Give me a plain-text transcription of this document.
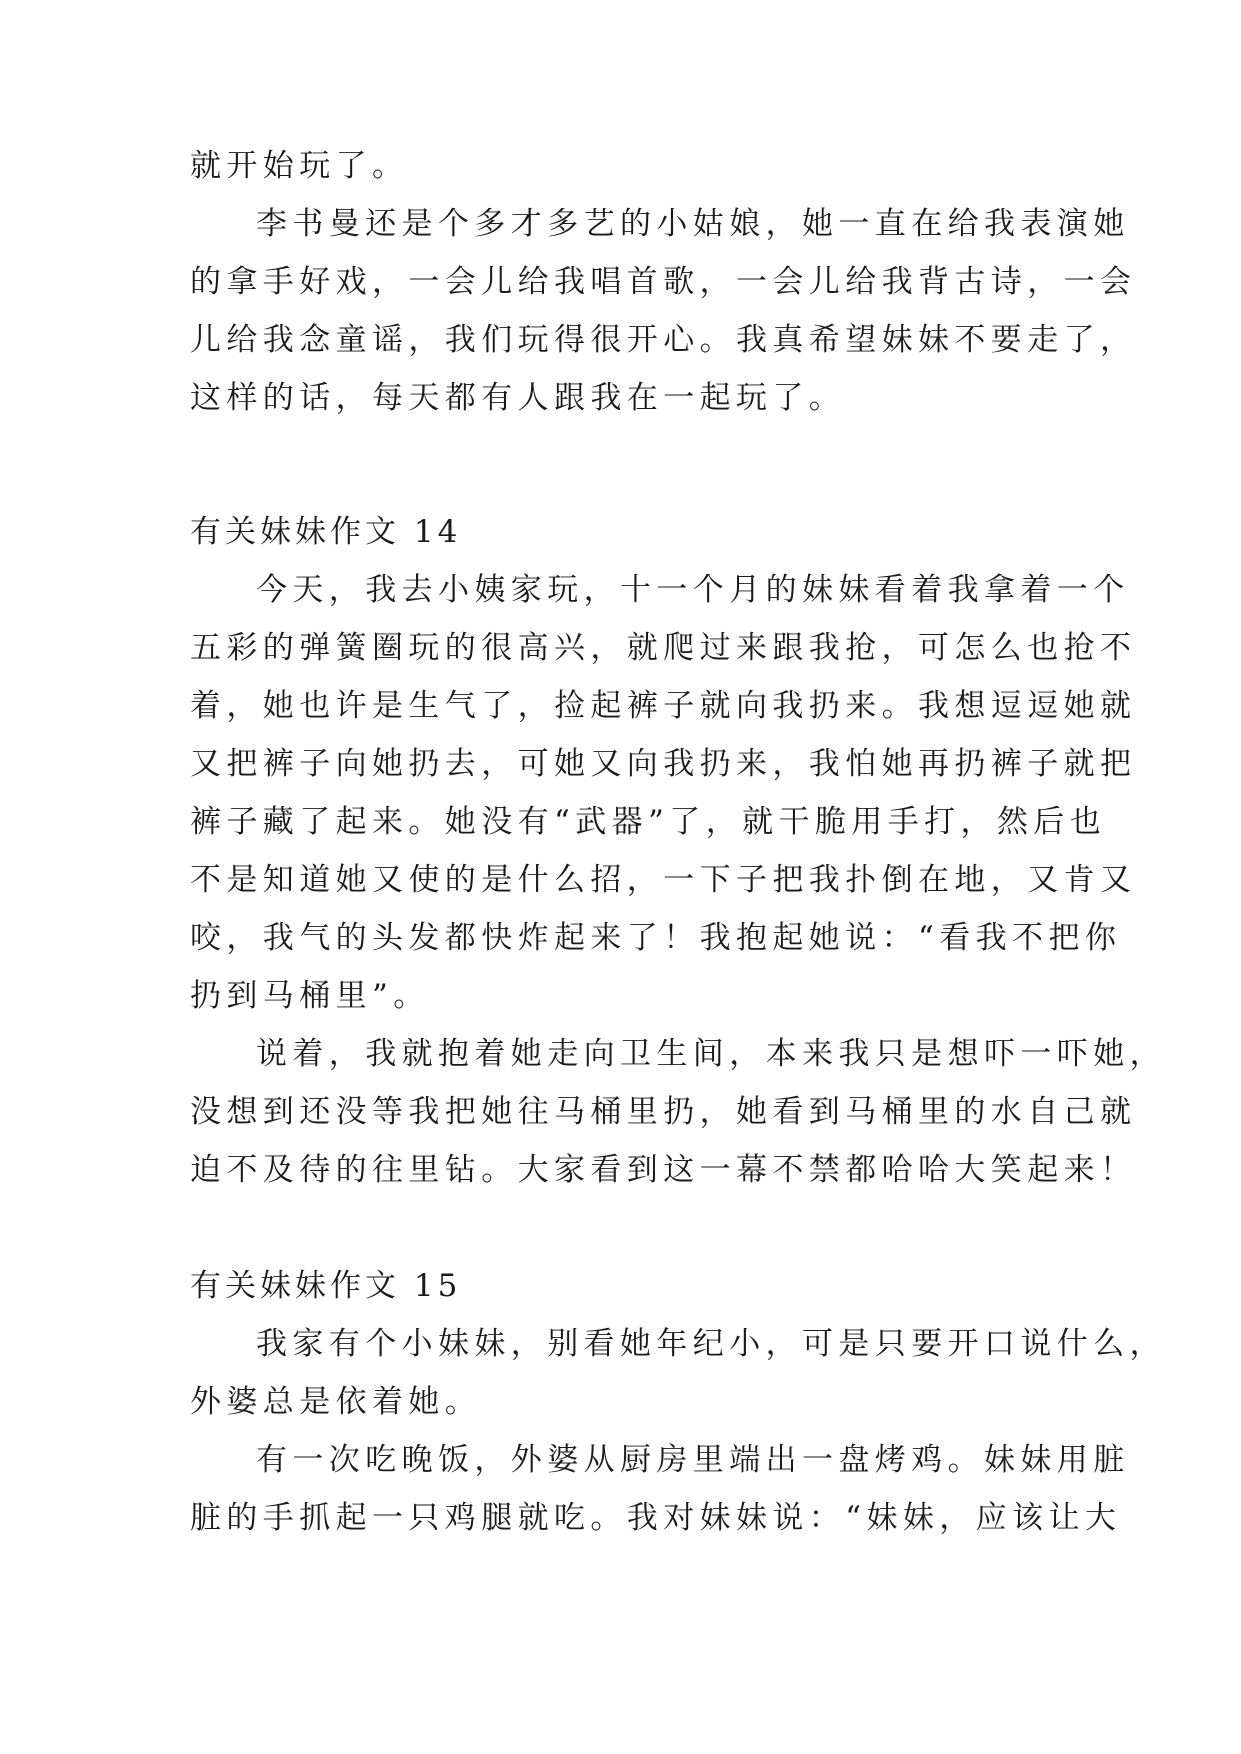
就开始玩了。
李书曼还是个多才多艺的小姑娘，她一直在给我表演她
的拿手好戏，一会儿给我唱首歌，一会儿给我背古诗，一会
儿给我念童谣，我们玩得很开心。我真希望妹妹不要走了，
这样的话，每天都有人跟我在一起玩了。
有关妹妹作文 14
今天，我去小姨家玩，十一个月的妹妹看着我拿着一个
五彩的弹簧圈玩的很高兴，就爬过来跟我抢，可怎么也抢不
着，她也许是生气了，捡起裤子就向我扔来。我想逗逗她就
又把裤子向她扔去，可她又向我扔来，我怕她再扔裤子就把
裤子藏了起来。她没有“武器”了，就干脆用手打，然后也
不是知道她又使的是什么招，一下子把我扑倒在地，又肯又
咬，我气的头发都快炸起来了！我抱起她说：“看我不把你
扔到马桶里”。
说着，我就抱着她走向卫生间，本来我只是想吓一吓她，
没想到还没等我把她往马桶里扔，她看到马桶里的水自己就
迫不及待的往里钻。大家看到这一幕不禁都哈哈大笑起来！
有关妹妹作文 15
我家有个小妹妹，别看她年纪小，可是只要开口说什么，
外婆总是依着她。
有一次吃晚饭，外婆从厨房里端出一盘烤鸡。妹妹用脏
脏的手抓起一只鸡腿就吃。我对妹妹说：“妹妹，应该让大
